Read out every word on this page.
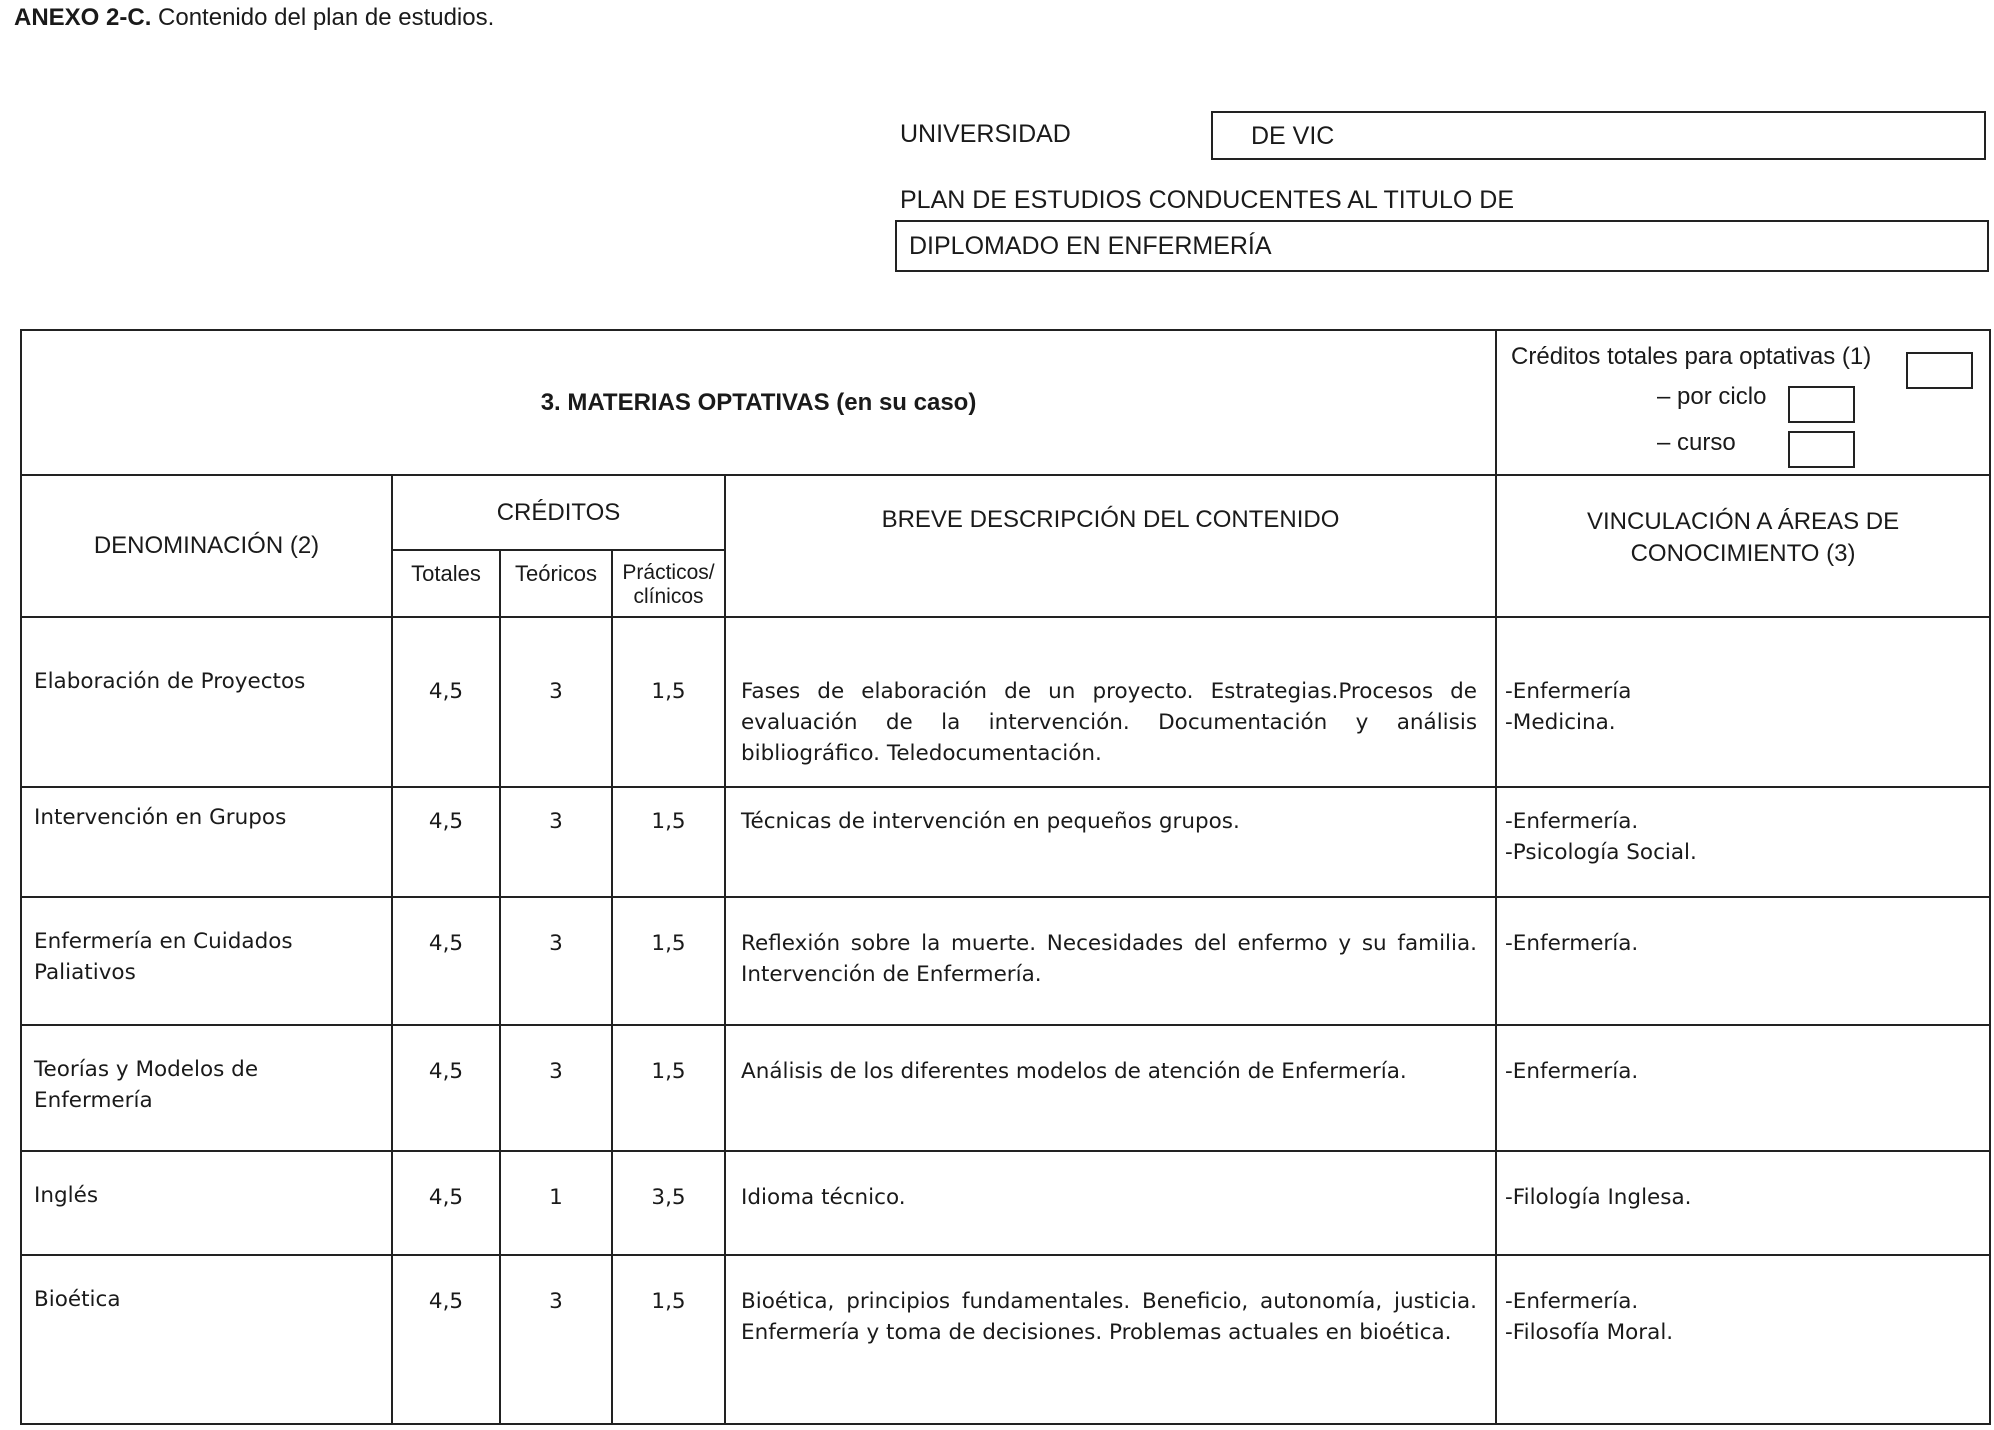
ANEXO 2-C. Contenido del plan de estudios.
UNIVERSIDAD	DE VIC
PLAN DE ESTUDIOS CONDUCENTES AL TITULO DE
DIPLOMADO EN ENFERMERÍA
3. MATERIAS OPTATIVAS (en su caso)					Créditos totales para optativas (1)
– por ciclo
– curso

DENOMINACIÓN (2)	CRÉDITOS			BREVE DESCRIPCIÓN DEL CONTENIDO	VINCULACIÓN A ÁREAS DE
CONOCIMIENTO (3)

	Totales	Teóricos	Prácticos/
clínicos		

Elaboración de Proyectos	4,5	3	1,5	Fases de elaboración de un proyecto. Estrategias.Procesos de evaluación de la intervención. Documentación y análisis bibliográfico. Teledocumentación.	-Enfermería
-Medicina.

Intervención en Grupos	4,5	3	1,5	Técnicas de intervención en pequeños grupos.	-Enfermería.
-Psicología Social.

Enfermería en Cuidados Paliativos	4,5	3	1,5	Reflexión sobre la muerte. Necesidades del enfermo y su familia. Intervención de Enfermería.	-Enfermería.

Teorías y Modelos de Enfermería	4,5	3	1,5	Análisis de los diferentes modelos de atención de Enfermería.	-Enfermería.

Inglés	4,5	1	3,5	Idioma técnico.	-Filología Inglesa.

Bioética	4,5	3	1,5	Bioética, principios fundamentales. Beneficio, autonomía, justicia. Enfermería y toma de decisiones. Problemas actuales en bioética.	-Enfermería.
-Filosofía Moral.
